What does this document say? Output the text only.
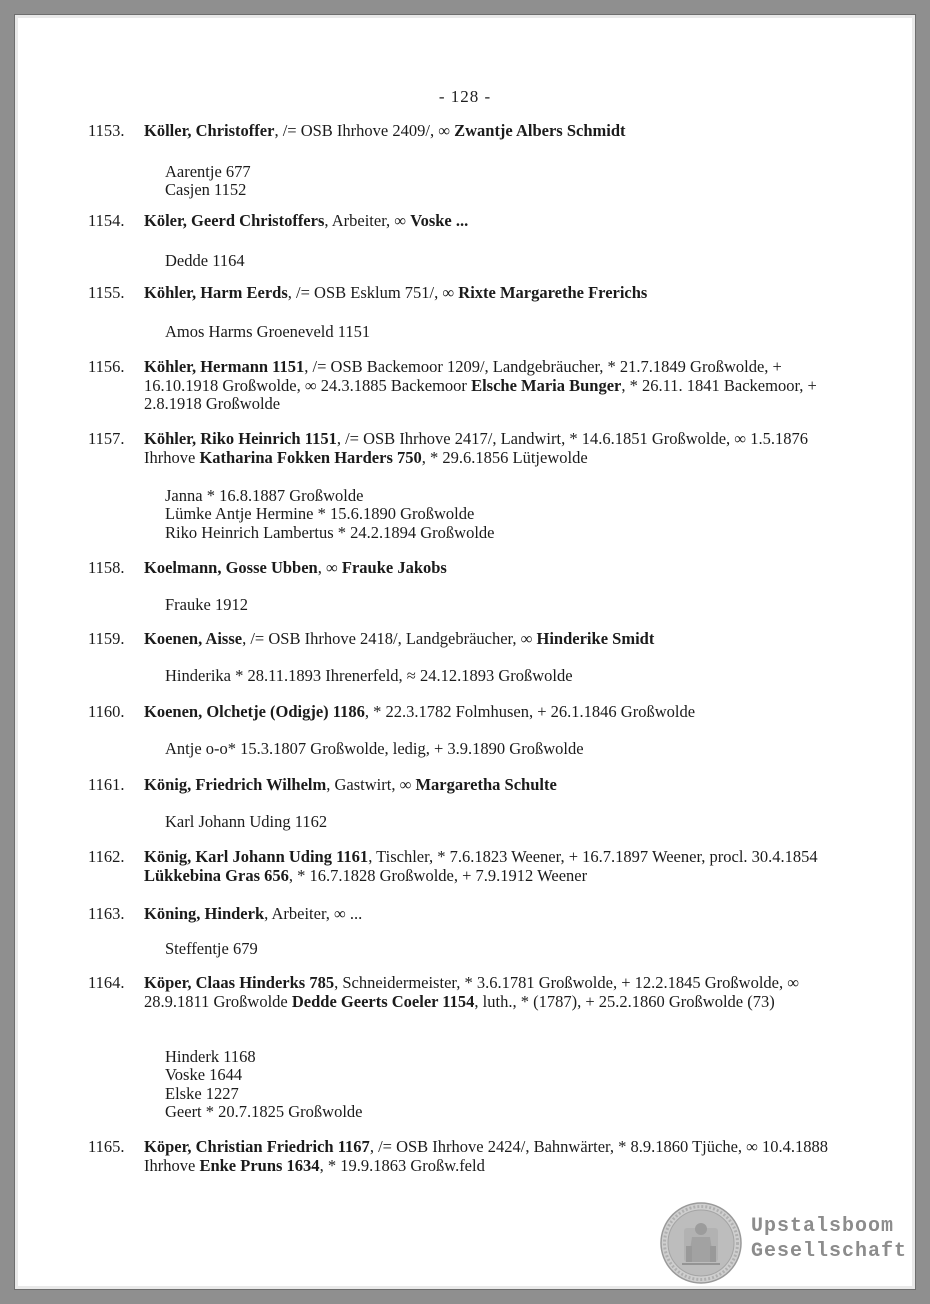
- 128 -
1153.	Köller, Christoffer, /= OSB Ihrhove 2409/, ∞ Zwantje Albers Schmidt
Aarentje 677
Casjen 1152
1154.	Köler, Geerd Christoffers, Arbeiter, ∞ Voske ...
Dedde 1164
1155.	Köhler, Harm Eerds, /= OSB Esklum 751/, ∞ Rixte Margarethe Frerichs
Amos Harms Groeneveld 1151
1156.	Köhler, Hermann 1151, /= OSB Backemoor 1209/, Landgebräucher, * 21.7.1849 Großwolde, + 16.10.1918 Großwolde, ∞ 24.3.1885 Backemoor Elsche Maria Bunger, * 26.11. 1841 Backemoor, + 2.8.1918 Großwolde
1157.	Köhler, Riko Heinrich 1151, /= OSB Ihrhove 2417/, Landwirt, * 14.6.1851 Großwolde, ∞ 1.5.1876 Ihrhove Katharina Fokken Harders 750, * 29.6.1856 Lütjewolde
Janna * 16.8.1887 Großwolde
Lümke Antje Hermine * 15.6.1890 Großwolde
Riko Heinrich Lambertus * 24.2.1894 Großwolde
1158.	Koelmann, Gosse Ubben, ∞ Frauke Jakobs
Frauke 1912
1159.	Koenen, Aisse, /= OSB Ihrhove 2418/, Landgebräucher, ∞ Hinderike Smidt
Hinderika * 28.11.1893 Ihrenerfeld, ≈ 24.12.1893 Großwolde
1160.	Koenen, Olchetje (Odigje) 1186, * 22.3.1782 Folmhusen, + 26.1.1846 Großwolde
Antje o-o* 15.3.1807 Großwolde, ledig, + 3.9.1890 Großwolde
1161.	König, Friedrich Wilhelm, Gastwirt, ∞ Margaretha Schulte
Karl Johann Uding 1162
1162.	König, Karl Johann Uding 1161, Tischler, * 7.6.1823 Weener, + 16.7.1897 Weener, procl. 30.4.1854 Lükkebina Gras 656, * 16.7.1828 Großwolde, + 7.9.1912 Weener
1163.	Köning, Hinderk, Arbeiter, ∞ ...
Steffentje 679
1164.	Köper, Claas Hinderks 785, Schneidermeister, * 3.6.1781 Großwolde, + 12.2.1845 Großwolde, ∞ 28.9.1811 Großwolde Dedde Geerts Coeler 1154, luth., * (1787), + 25.2.1860 Großwolde (73)
Hinderk 1168
Voske 1644
Elske 1227
Geert * 20.7.1825 Großwolde
1165.	Köper, Christian Friedrich 1167, /= OSB Ihrhove 2424/, Bahnwärter, * 8.9.1860 Tjüche, ∞ 10.4.1888 Ihrhove Enke Pruns 1634, * 19.9.1863 Großw.feld
Upstalsboom
Gesellschaft
